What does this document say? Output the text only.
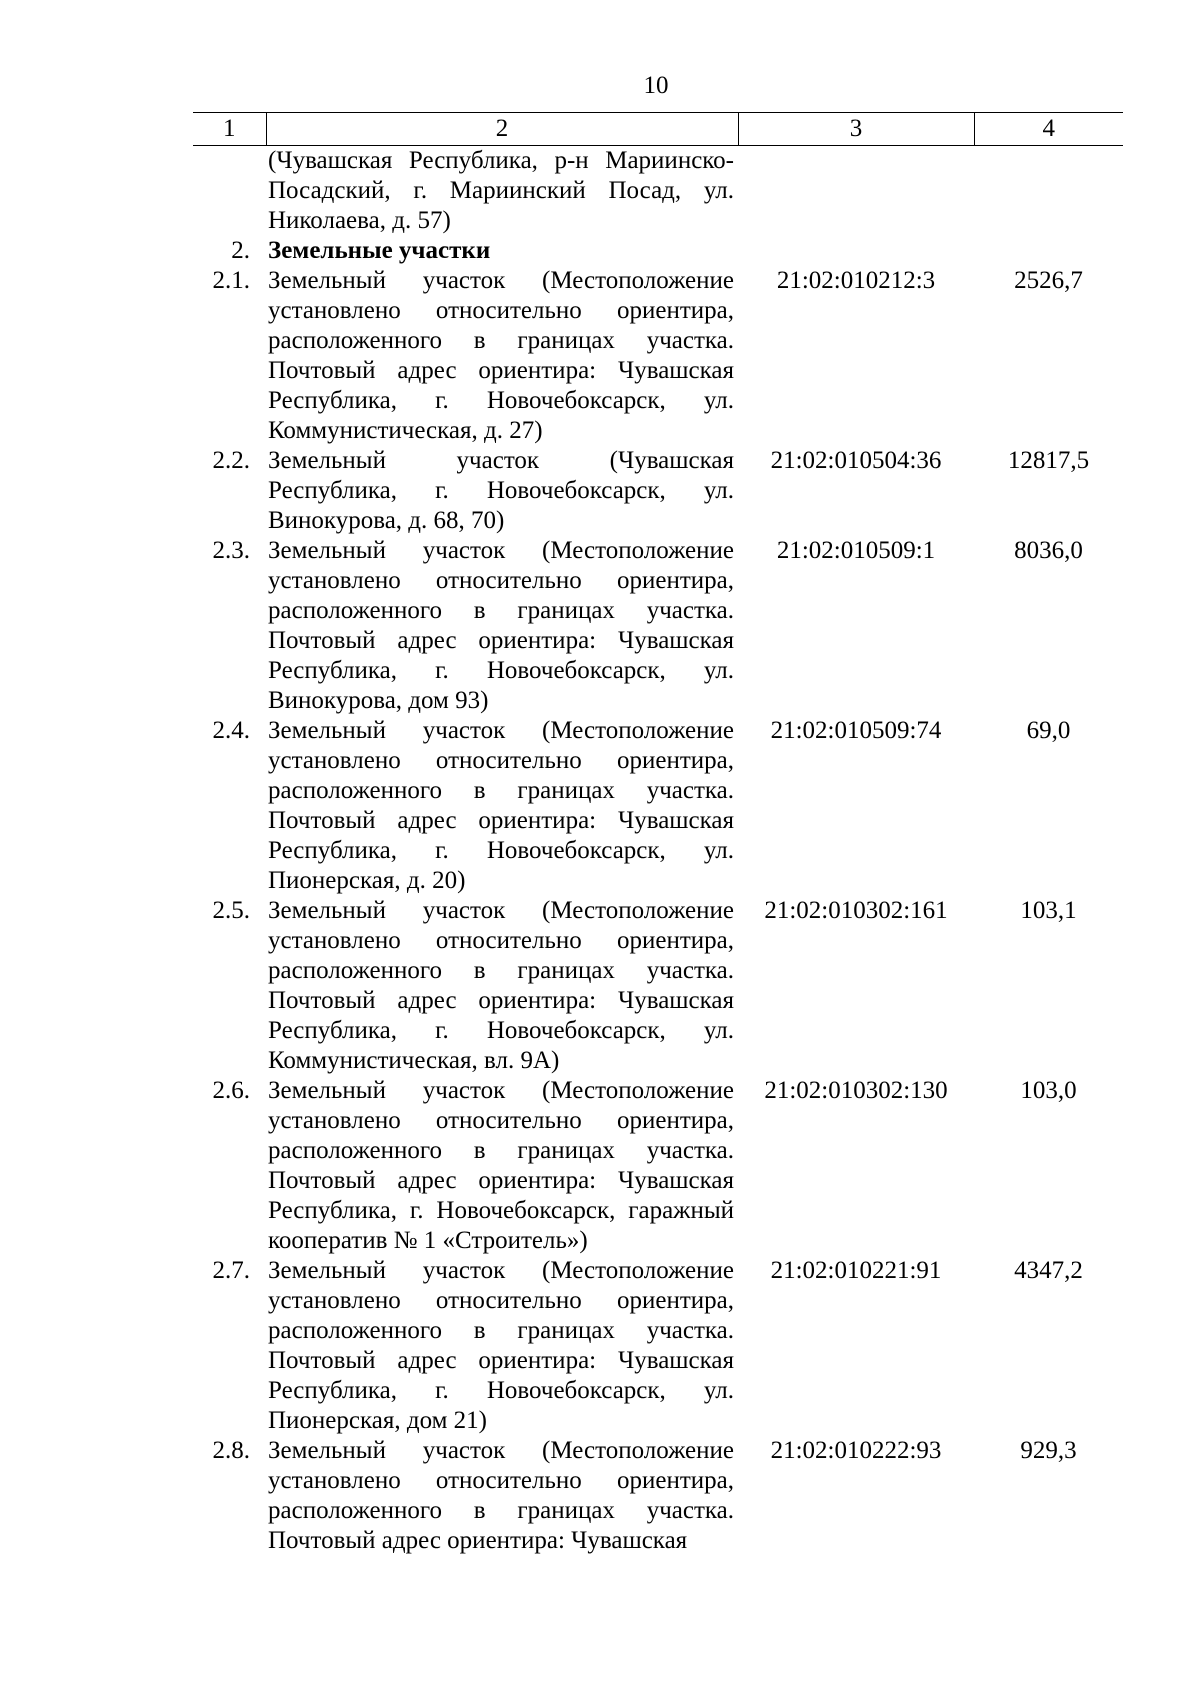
10
1	2	3	4
	(Чувашская Республика, р-н Мариинско-Посадский, г. Мариинский Посад, ул. Николаева, д. 57)		
2.	Земельные участки		
2.1.	Земельный участок (Местоположение установлено относительно ориентира, расположенного в границах участка. Почтовый адрес ориентира: Чувашская Республика, г. Новочебоксарск, ул. Коммунистическая, д. 27)	21:02:010212:3	2526,7
2.2.	Земельный участок (Чувашская Республика, г. Новочебоксарск, ул. Винокурова, д. 68, 70)	21:02:010504:36	12817,5
2.3.	Земельный участок (Местоположение установлено относительно ориентира, расположенного в границах участка. Почтовый адрес ориентира: Чувашская Республика, г. Новочебоксарск, ул. Винокурова, дом 93)	21:02:010509:1	8036,0
2.4.	Земельный участок (Местоположение установлено относительно ориентира, расположенного в границах участка. Почтовый адрес ориентира: Чувашская Республика, г. Новочебоксарск, ул. Пионерская, д. 20)	21:02:010509:74	69,0
2.5.	Земельный участок (Местоположение установлено относительно ориентира, расположенного в границах участка. Почтовый адрес ориентира: Чувашская Республика, г. Новочебоксарск, ул. Коммунистическая, вл. 9А)	21:02:010302:161	103,1
2.6.	Земельный участок (Местоположение установлено относительно ориентира, расположенного в границах участка. Почтовый адрес ориентира: Чувашская Республика, г. Новочебоксарск, гаражный кооператив № 1 «Строитель»)	21:02:010302:130	103,0
2.7.	Земельный участок (Местоположение установлено относительно ориентира, расположенного в границах участка. Почтовый адрес ориентира: Чувашская Республика, г. Новочебоксарск, ул. Пионерская, дом 21)	21:02:010221:91	4347,2
2.8.	Земельный участок (Местоположение установлено относительно ориентира, расположенного в границах участка. Почтовый адрес ориентира: Чувашская	21:02:010222:93	929,3
